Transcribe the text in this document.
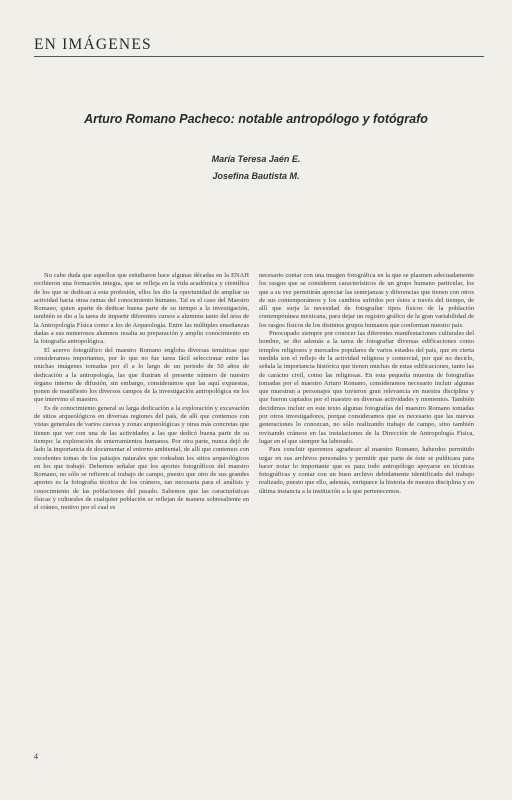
EN IMÁGENES
Arturo Romano Pacheco: notable antropólogo y fotógrafo
María Teresa Jaén E.
Josefina Bautista M.

No cabe duda que aquellos que estudiaron hace algunas décadas en la ENAH recibieron una formación integra, que se refleja en la vida académica y científica de los que se dedican a esta profesión, ellos les dio la oportunidad de ampliar su actividad hacia otras ramas del conocimiento humano. Tal es el caso del Maestro Romano, quien aparte de dedicar buena parte de su tiempo a la investigación, también se dio a la tarea de impartir diferentes cursos a alumnos tanto del área de la Antropología Física como a los de Arqueología. Entre las múltiples enseñanzas dadas a sus numerosos alumnos resalta su preparación y amplio conocimiento en la fotografía antropológica.

El acervo fotográfico del maestro Romano engloba diversas temáticas que consideramos importantes, por lo que no fue tarea fácil seleccionar entre las muchas imágenes tomadas por él a lo largo de un periodo de 50 años de dedicación a la antropología, las que ilustran el presente número de nuestro órgano interno de difusión, sin embargo, consideramos que las aquí expuestas, ponen de manifiesto los diversos campos de la investigación antropológica en los que intervino el maestro.

Es de conocimiento general su larga dedicación a la exploración y excavación de sitios arqueológicos en diversas regiones del país, de allí que contemos con vistas generales de varios cuevas y zonas arqueológicas y otras más concretas que tienen que ver con una de las actividades a las que dedicó buena parte de su tiempo: la exploración de enterramientos humanos. Por otra parte, nunca dejó de lado la importancia de documentar el entorno ambiental, de allí que contemos con excelentes tomas de los paisajes naturales que rodeaban los sitios arqueológicos en los que trabajó. Debemos señalar que los aportes fotográficos del maestro Romano, no sólo se refieren al trabajo de campo, puesto que otro de sus grandes aportes es la fotografía técnica de los cráneos, tan necesaria para el análisis y conocimiento de las poblaciones del pasado. Sabemos que las características físicas y culturales de cualquier población se reflejan de manera sobresaliente en el cráneo, motivo por el cual es

necesario contar con una imagen fotográfica en la que se plasmen adecuadamente los rasgos que se consideren característicos de un grupo humano particular, los que a su vez permitirán apreciar las semejanzas y diferencias que tienen con otros de sus contemporáneos y los cambios sufridos por éstos a través del tiempo, de allí que surja la necesidad de fotografiar tipos físicos de la población contemporánea mexicana, para dejar un registro gráfico de la gran variabilidad de los rasgos físicos de los distintos grupos humanos que conforman nuestro país.

Preocupado siempre por conocer las diferentes manifestaciones culturales del hombre, se dio además a la tarea de fotografiar diversas edificaciones como templos religiosos y mercados populares de varios estados del país, que en cierta medida son el reflejo de la actividad religiosa y comercial, por qué no decirlo, señala la importancia histórica que tienen muchas de estas edificaciones, tanto las de carácter civil, como las religiosas. En esta pequeña muestra de fotografías tomadas por el maestro Arturo Romano, consideramos necesario incluir algunas que muestran a personajes que tuvieron gran relevancia en nuestra disciplina y que fueron captados por el maestro en diversas actividades y momentos. También decidimos incluir en este texto algunas fotografías del maestro Romano tomadas por otros investigadores, porque consideramos que es necesario que las nuevas generaciones lo conozcan, no sólo realizando trabajo de campo, sino también revisando cráneos en las instalaciones de la Dirección de Antropología Física, lugar en el que siempre ha laborado.

Para concluir queremos agradecer al maestro Romano, haberdos permitido urgar en sus archivos personales y permitir que parte de éste se publicara para hacer notar lo importante que es para todo antropólogo apoyarse en técnicas fotográficas y contar con un buen archivo debidamente identificado del trabajo realizado, puesto que ello, además, enriquece la historia de nuestra disciplina y en última instancia a la institución a la que pertenecemos.

4
